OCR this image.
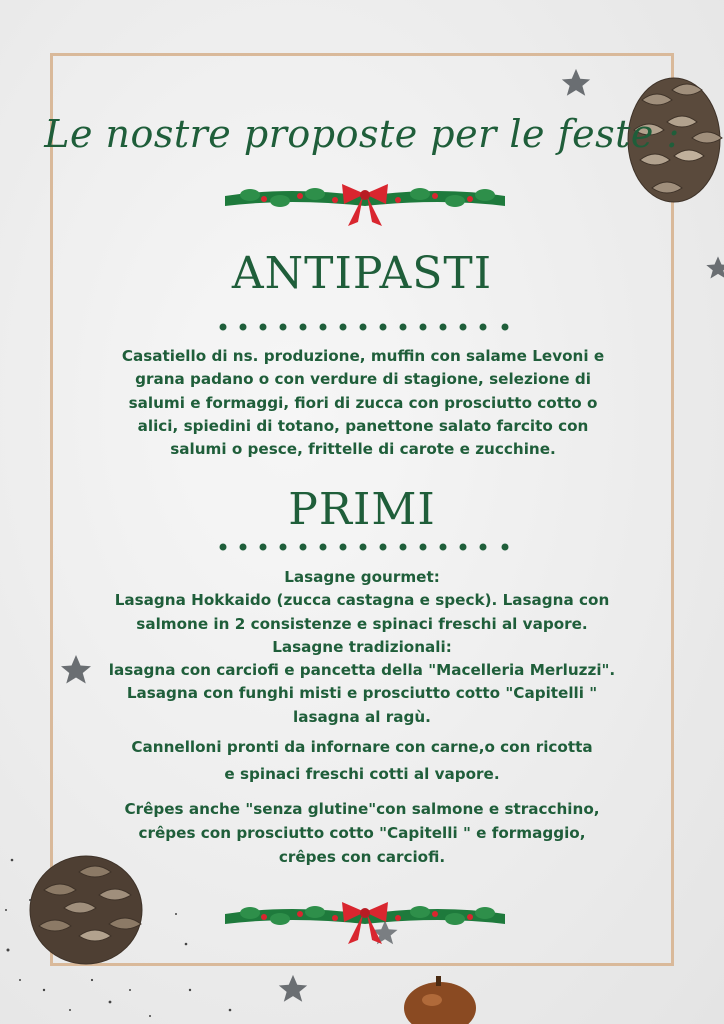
Le nostre proposte per le feste :
ANTIPASTI
Casatiello di ns. produzione, muffin con salame Levoni e grana padano o con verdure di stagione, selezione di salumi e formaggi, fiori di zucca con prosciutto cotto o alici, spiedini di totano, panettone salato farcito con salumi o pesce, frittelle di carote e zucchine.
PRIMI
Lasagne gourmet:
Lasagna Hokkaido (zucca castagna e speck). Lasagna con salmone in 2 consistenze e spinaci freschi al vapore.
Lasagne tradizionali:
lasagna con carciofi e pancetta della "Macelleria Merluzzi".
Lasagna con funghi misti e prosciutto cotto "Capitelli "
lasagna al ragù.
Cannelloni pronti da infornare con carne,o con ricotta e spinaci freschi cotti al vapore.
Crêpes anche "senza glutine"con salmone e stracchino, crêpes con prosciutto cotto "Capitelli " e formaggio, crêpes con carciofi.
